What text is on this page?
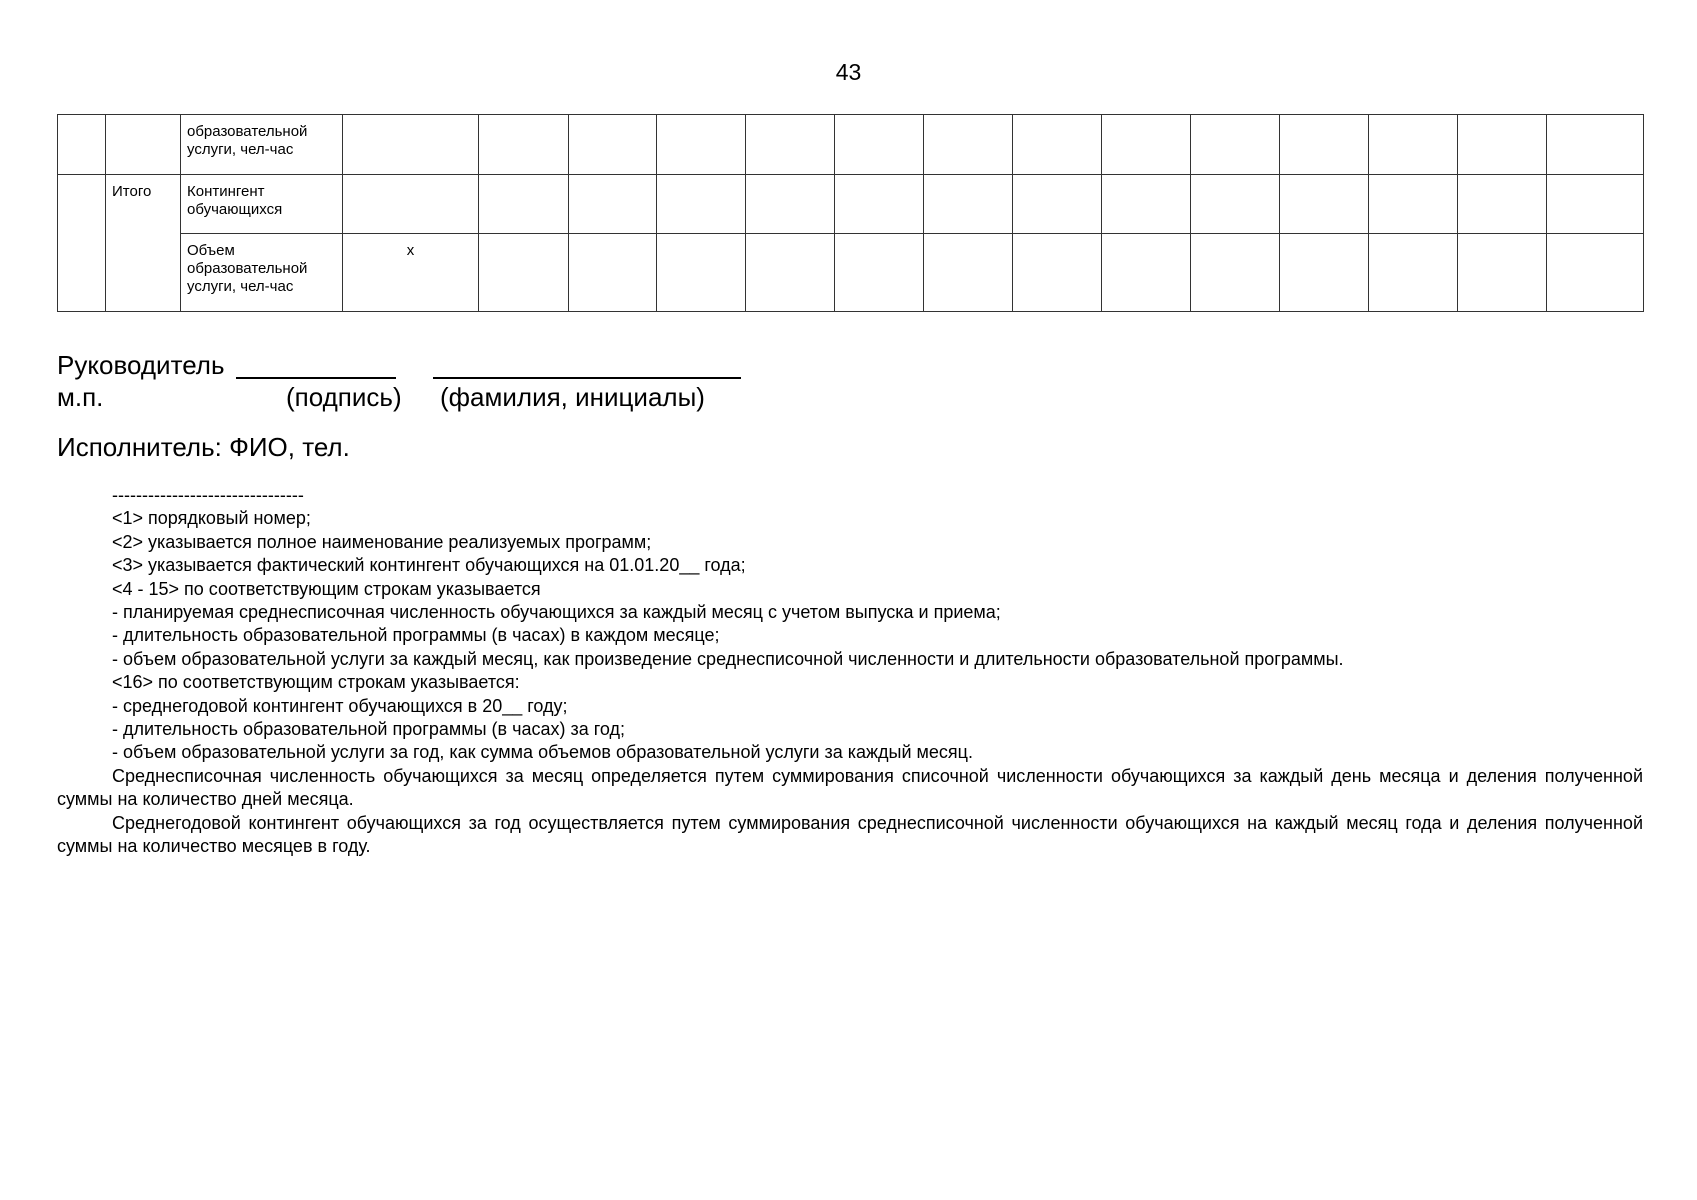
43
		образовательной услуги, чел-час														
	Итого	Контингент обучающихся														
		Объем образовательной услуги, чел-час	x													
Руководитель
м.п.	(подпись) (фамилия, инициалы)
Исполнитель: ФИО, тел.
--------------------------------
<1> порядковый номер;
<2> указывается полное наименование реализуемых программ;
<3> указывается фактический контингент обучающихся на 01.01.20__ года;
<4 - 15> по соответствующим строкам указывается
- планируемая среднесписочная численность обучающихся за каждый месяц с учетом выпуска и приема;
- длительность образовательной программы (в часах) в каждом месяце;
- объем образовательной услуги за каждый месяц, как произведение среднесписочной численности и длительности образовательной программы.
<16> по соответствующим строкам указывается:
- среднегодовой контингент обучающихся в 20__ году;
- длительность образовательной программы (в часах) за год;
- объем образовательной услуги за год, как сумма объемов образовательной услуги за каждый месяц.

Среднесписочная численность обучающихся за месяц определяется путем суммирования списочной численности обучающихся за каждый день месяца и деления полученной суммы на количество дней месяца.

Среднегодовой контингент обучающихся за год осуществляется путем суммирования среднесписочной численности обучающихся на каждый месяц года и деления полученной суммы на количество месяцев в году.
